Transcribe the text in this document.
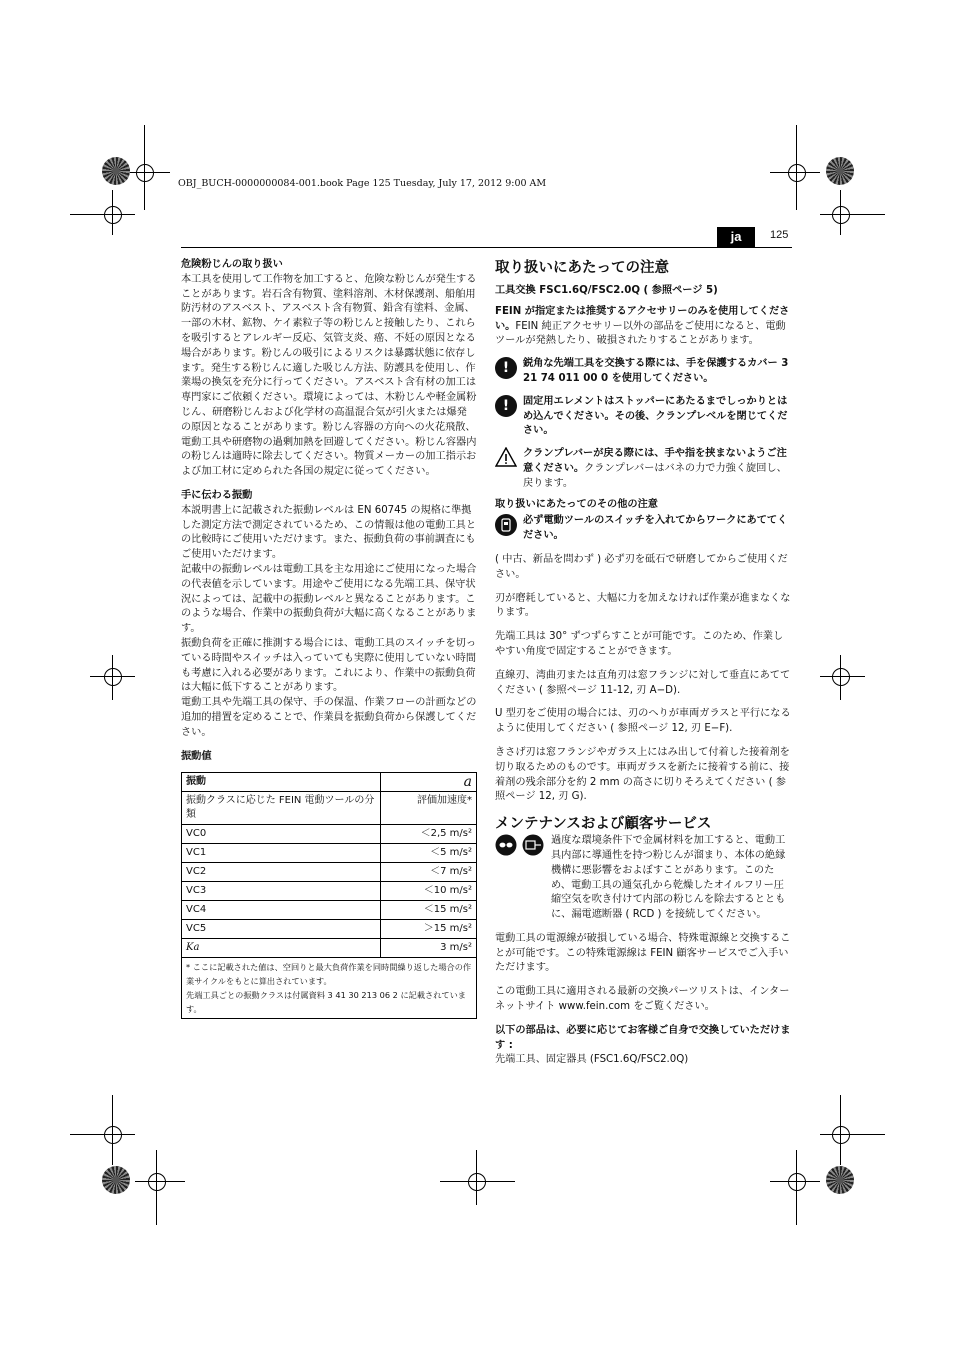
OBJ_BUCH-0000000084-001.book Page 125 Tuesday, July 17, 2012 9:00 AM
ja	125

危険粉じんの取り扱い

本工具を使用して工作物を加工すると、危険な粉じんが発生することがあります。岩石含有物質、塗料溶剤、木材保護剤、船舶用防汚材のアスベスト、アスベスト含有物質、鉛含有塗料、金属、一部の木材、鉱物、ケイ素粒子等の粉じんと接触したり、これらを吸引するとアレルギー反応、気管支炎、癌、不妊の原因となる場合があります。粉じんの吸引によるリスクは暴露状態に依存します。発生する粉じんに適した吸じん方法、防護具を使用し、作業場の換気を充分に行ってください。アスベスト含有材の加工は専門家にご依頼ください。環境によっては、木粉じんや軽金属粉じん、研磨粉じんおよび化学材の高温混合気が引火または爆発の原因となることがあります。粉じん容器の方向への火花飛散、電動工具や研磨物の過剰加熱を回避してください。粉じん容器内の粉じんは適時に除去してください。物質メーカーの加工指示および加工材に定められた各国の規定に従ってください。

手に伝わる振動

本説明書上に記載された振動レベルは EN 60745 の規格に準拠した測定方法で測定されているため、この情報は他の電動工具との比較時にご使用いただけます。また、振動負荷の事前調査にもご使用いただけます。

記載中の振動レベルは電動工具を主な用途にご使用になった場合の代表値を示しています。用途やご使用になる先端工具、保守状況によっては、記載中の振動レベルと異なることがあります。このような場合、作業中の振動負荷が大幅に高くなることがあります。

振動負荷を正確に推測する場合には、電動工具のスイッチを切っている時間やスイッチは入っていても実際に使用していない時間も考慮に入れる必要があります。これにより、作業中の振動負荷は大幅に低下することがあります。

電動工具や先端工具の保守、手の保温、作業フローの計画などの追加的措置を定めることで、作業員を振動負荷から保護してください。

振動値

振動	a
振動クラスに応じた FEIN 電動ツールの分類	評価加速度*
VC0	＜2,5 m/s²
VC1	＜5 m/s²
VC2	＜7 m/s²
VC3	＜10 m/s²
VC4	＜15 m/s²
VC5	＞15 m/s²
Ka	3 m/s²

* ここに記載された値は、空回りと最大負荷作業を同時間繰り返した場合の作業サイクルをもとに算出されています。
先端工具ごとの振動クラスは付属資料 3 41 30 213 06 2 に記載されています。	

取り扱いにあたっての注意

工具交換 FSC1.6Q/FSC2.0Q ( 参照ページ 5)

FEIN が指定または推奨するアクセサリーのみを使用してください。FEIN 純正アクセサリー以外の部品をご使用になると、電動ツールが発熱したり、破損されたりすることがあります。

!	鋭角な先端工具を交換する際には、手を保護するカバー 3 21 74 011 00 0 を使用してください。
!	固定用エレメントはストッパーにあたるまでしっかりとはめ込んでください。その後、クランプレベルを閉じてください。
クランプレバーが戻る際には、手や指を挟まないようご注意ください。クランプレバーはバネの力で力強く旋回し、戻ります。

取り扱いにあたってのその他の注意

必ず電動ツールのスイッチを入れてからワークにあててください。

( 中古、新品を問わず ) 必ず刃を砥石で研磨してからご使用ください。

刃が磨耗していると、大幅に力を加えなければ作業が進まなくなります。

先端工具は 30° ずつずらすことが可能です。このため、作業しやすい角度で固定することができます。

直線刃、湾曲刃または直角刃は窓フランジに対して垂直にあててください ( 参照ページ 11-12, 刃 A−D).

U 型刃をご使用の場合には、刃のへりが車両ガラスと平行になるように使用してください ( 参照ページ 12, 刃 E−F).

きさげ刃は窓フランジやガラス上にはみ出して付着した接着剤を切り取るためのものです。車両ガラスを新たに接着する前に、接着剤の残余部分を約 2 mm の高さに切りそろえてください ( 参照ページ 12, 刃 G).

メンテナンスおよび顧客サービス

過度な環境条件下で金属材料を加工すると、電動工具内部に導通性を持つ粉じんが溜まり、本体の絶縁機構に悪影響をおよぼすことがあります。このため、電動工具の通気孔から乾燥したオイルフリー圧縮空気を吹き付けて内部の粉じんを除去するとともに、漏電遮断器 ( RCD ) を接続してください。

電動工具の電源線が破損している場合、特殊電源線と交換することが可能です。この特殊電源線は FEIN 顧客サービスでご入手いただけます。

この電動工具に適用される最新の交換パーツリストは、インターネットサイト www.fein.com をご覧ください。

以下の部品は、必要に応じてお客様ご自身で交換していただけます :

先端工具、固定器具 (FSC1.6Q/FSC2.0Q)
